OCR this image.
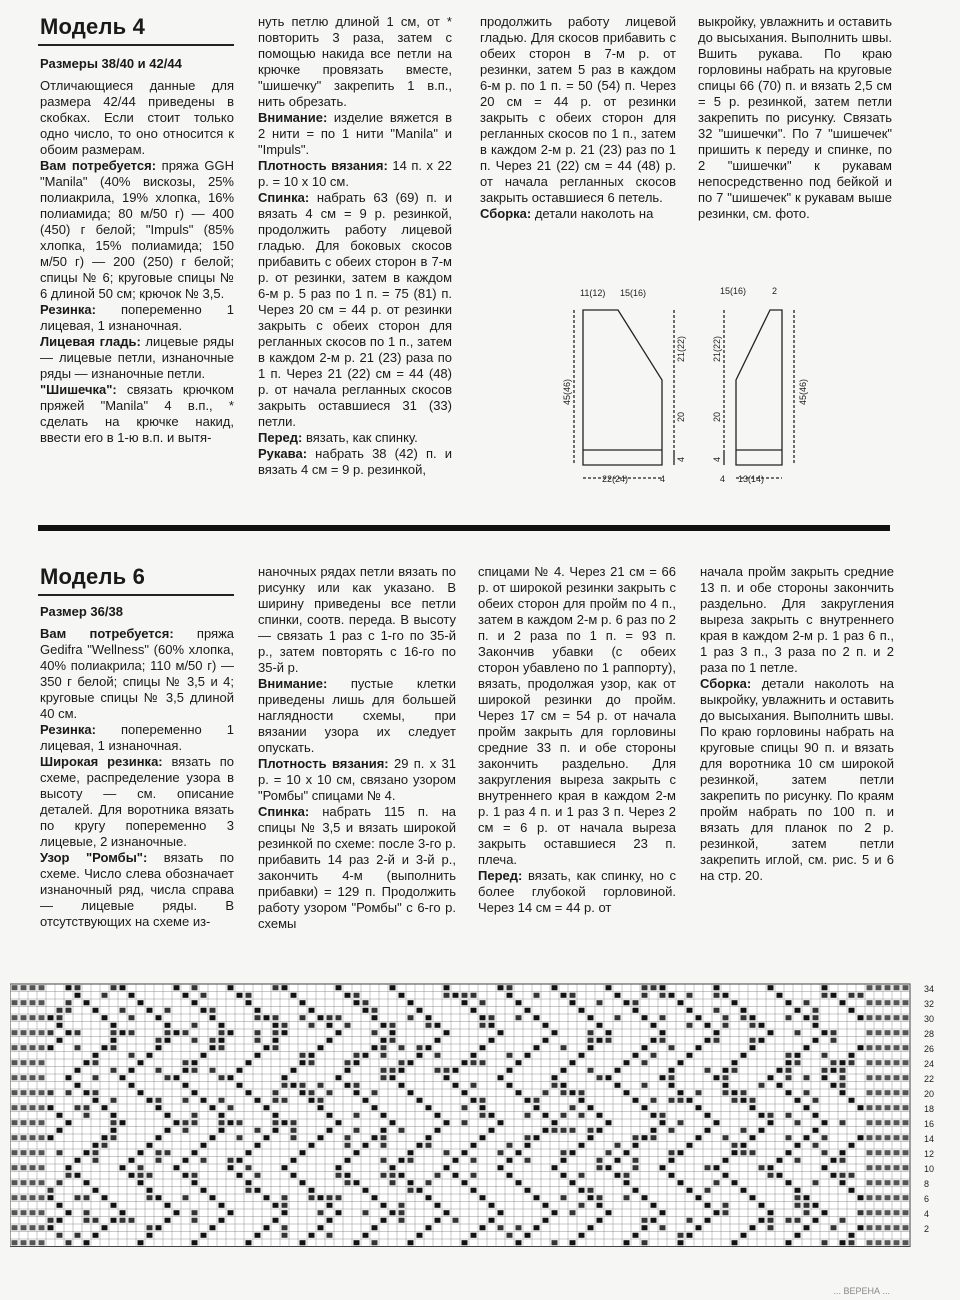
Модель 4

Размеры 38/40 и 42/44

Отличающиеся данные для размера 42/44 приведены в скобках. Если стоит только одно число, то оно относится к обоим размерам.

Вам потребуется: пряжа GGH "Manila" (40% вискозы, 25% полиакрила, 19% хлопка, 16% полиамида; 80 м/50 г) — 400 (450) г белой; "Impuls" (85% хлопка, 15% полиамида; 150 м/50 г) — 200 (250) г белой; спицы № 6; круговые спицы № 6 длиной 50 см; крючок № 3,5.

Резинка: попеременно 1 лицевая, 1 изнаночная.

Лицевая гладь: лицевые ряды — лицевые петли, изнаночные ряды — изнаночные петли.

"Шишечка": связать крючком пряжей "Manila" 4 в.п., * сделать на крючке накид, ввести его в 1-ю в.п. и вытя-

нуть петлю длиной 1 см, от * повторить 3 раза, затем с помощью накида все петли на крючке провязать вместе, "шишечку" закрепить 1 в.п., нить обрезать.

Внимание: изделие вяжется в 2 нити = по 1 нити "Manila" и "Impuls".

Плотность вязания: 14 п. х 22 р. = 10 х 10 см.

Спинка: набрать 63 (69) п. и вязать 4 см = 9 р. резинкой, продолжить работу лицевой гладью. Для боковых скосов прибавить с обеих сторон в 7-м р. от резинки, затем в каждом 6-м р. 5 раз по 1 п. = 75 (81) п. Через 20 см = 44 р. от резинки закрыть с обеих сторон для регланных скосов по 1 п., затем в каждом 2-м р. 21 (23) раза по 1 п. Через 21 (22) см = 44 (48) р. от начала регланных скосов закрыть оставшиеся 31 (33) петли.

Перед: вязать, как спинку.

Рукава: набрать 38 (42) п. и вязать 4 см = 9 р. резинкой,

продолжить работу лицевой гладью. Для скосов прибавить с обеих сторон в 7-м р. от резинки, затем 5 раз в каждом 6-м р. по 1 п. = 50 (54) п. Через 20 см = 44 р. от резинки закрыть с обеих сторон для регланных скосов по 1 п., затем в каждом 2-м р. 21 (23) раз по 1 п. Через 21 (22) см = 44 (48) р. от начала регланных скосов закрыть оставшиеся 6 петель.

Сборка: детали наколоть на

выкройку, увлажнить и оставить до высыхания. Выполнить швы. Вшить рукава. По краю горловины набрать на круговые спицы 66 (70) п. и вязать 2,5 см = 5 р. резинкой, затем петли закрепить по рисунку. Связать 32 "шишечки". По 7 "шишечек" пришить к переду и спинке, по 2 "шишечки" к рукавам непосредственно под бейкой и по 7 "шишечек" к рукавам выше резинки, см. фото.

11(12) 15(16)	15(16)	2
45(46)
21(22)
20
4
21(22)
20
4
45(46)
22(24)	4	4 13(14)
Модель 6

Размер 36/38

Вам потребуется: пряжа Gedifra "Wellness" (60% хлопка, 40% полиакрила; 110 м/50 г) — 350 г белой; спицы № 3,5 и 4; круговые спицы № 3,5 длиной 40 см.

Резинка: попеременно 1 лицевая, 1 изнаночная.

Широкая резинка: вязать по схеме, распределение узора в высоту — см. описание деталей. Для воротника вязать по кругу попеременно 3 лицевые, 2 изнаночные.

Узор "Ромбы": вязать по схеме. Число слева обозначает изнаночный ряд, числа справа — лицевые ряды. В отсутствующих на схеме из-

наночных рядах петли вязать по рисунку или как указано. В ширину приведены все петли спинки, соотв. переда. В высоту — связать 1 раз с 1-го по 35-й р., затем повторять с 16-го по 35-й р.

Внимание: пустые клетки приведены лишь для большей наглядности схемы, при вязании узора их следует опускать.

Плотность вязания: 29 п. х 31 р. = 10 х 10 см, связано узором "Ромбы" спицами № 4.

Спинка: набрать 115 п. на спицы № 3,5 и вязать широкой резинкой по схеме: после 3-го р. прибавить 14 раз 2-й и 3-й р., закончить 4-м (выполнить прибавки) = 129 п. Продолжить работу узором "Ромбы" с 6-го р. схемы

спицами № 4. Через 21 см = 66 р. от широкой резинки закрыть с обеих сторон для пройм по 4 п., затем в каждом 2-м р. 6 раз по 2 п. и 2 раза по 1 п. = 93 п. Закончив убавки (с обеих сторон убавлено по 1 раппорту), вязать, продолжая узор, как от широкой резинки до пройм. Через 17 см = 54 р. от начала пройм закрыть для горловины средние 33 п. и обе стороны закончить раздельно. Для закругления выреза закрыть с внутреннего края в каждом 2-м р. 1 раз 4 п. и 1 раз 3 п. Через 2 см = 6 р. от начала выреза закрыть оставшиеся 23 п. плеча.

Перед: вязать, как спинку, но с более глубокой горловиной. Через 14 см = 44 р. от

начала пройм закрыть средние 13 п. и обе стороны закончить раздельно. Для закругления выреза закрыть с внутреннего края в каждом 2-м р. 1 раз 6 п., 1 раз 3 п., 3 раза по 2 п. и 2 раза по 1 петле.

Сборка: детали наколоть на выкройку, увлажнить и оставить до высыхания. Выполнить швы. По краю горловины набрать на круговые спицы 90 п. и вязать для воротника 10 см широкой резинкой, затем петли закрепить по рисунку. По краям пройм набрать по 100 п. и вязать для планок по 2 р. резинкой, затем петли закрепить иглой, см. рис. 5 и 6 на стр. 20.

34
32
30
28
26
24
22
20
18
16
14
12
10
8
6
4
2
... ВЕРЕНА ...
